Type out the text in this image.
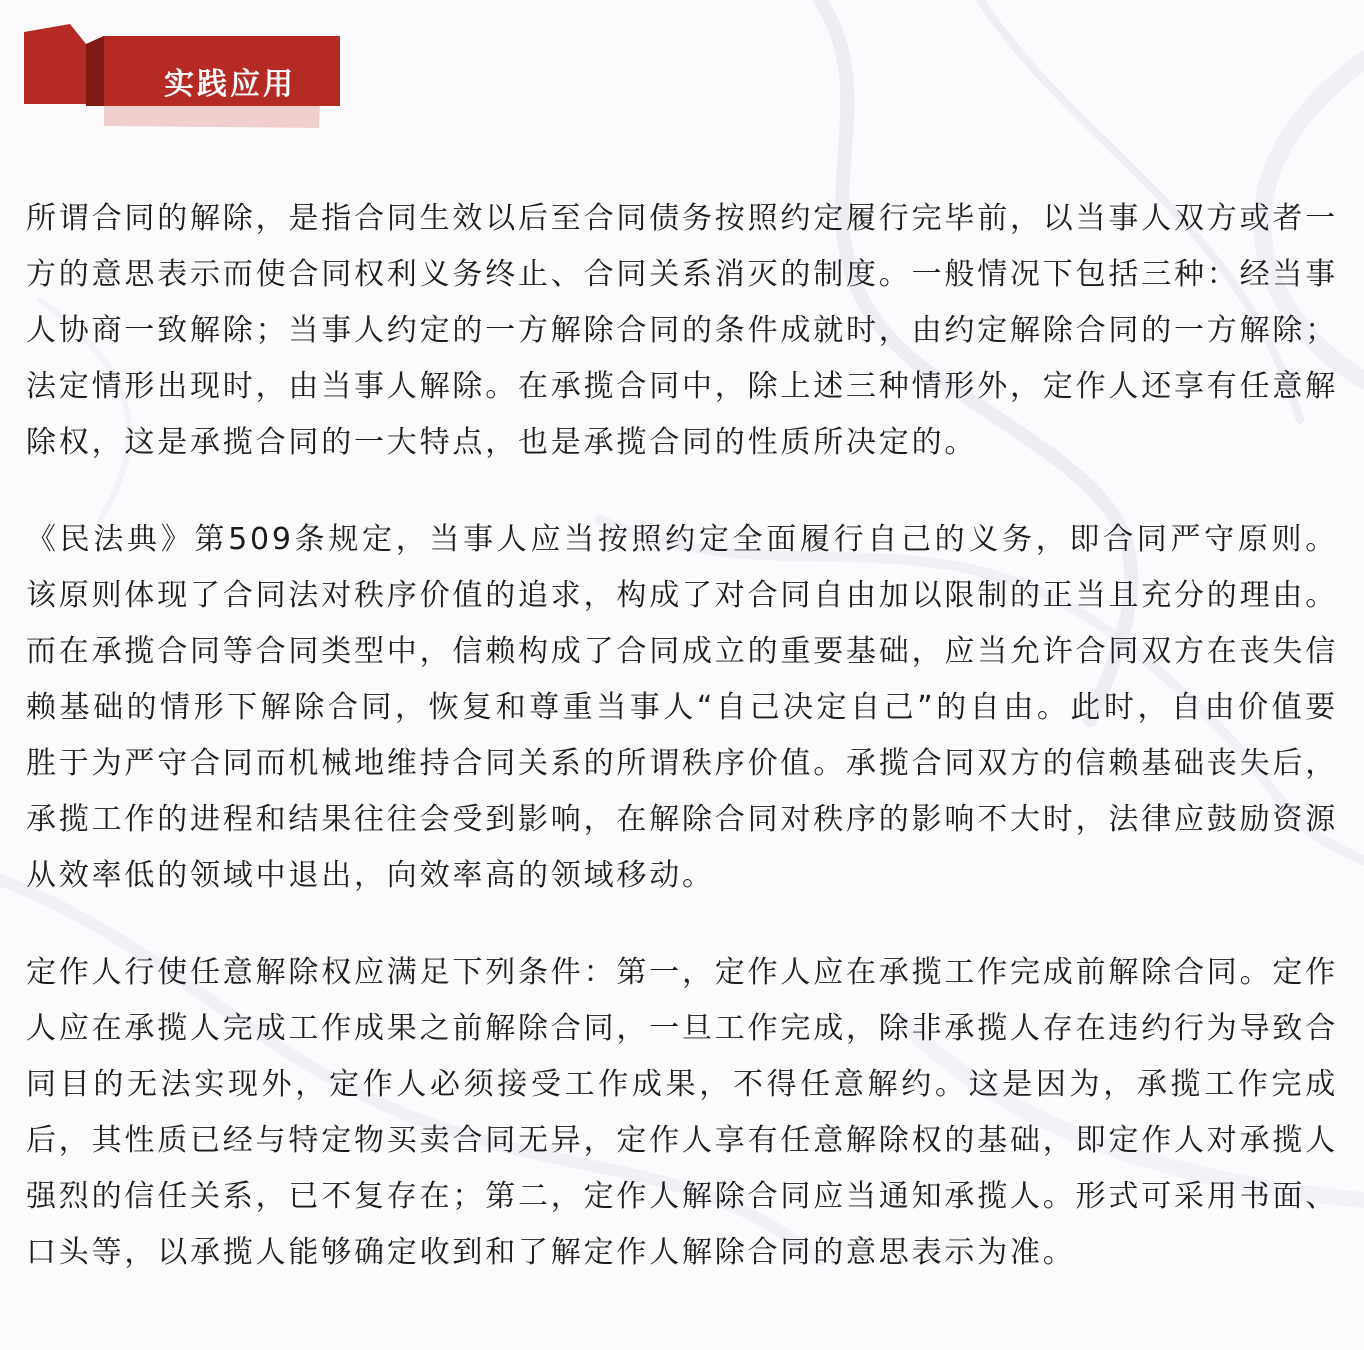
实践应用

所谓合同的解除，是指合同生效以后至合同债务按照约定履行完毕前，以当事人双方或者一方的意思表示而使合同权利义务终止、合同关系消灭的制度。一般情况下包括三种：经当事人协商一致解除；当事人约定的一方解除合同的条件成就时，由约定解除合同的一方解除；法定情形出现时，由当事人解除。在承揽合同中，除上述三种情形外，定作人还享有任意解除权，这是承揽合同的一大特点，也是承揽合同的性质所决定的。

《民法典》第509条规定，当事人应当按照约定全面履行自己的义务，即合同严守原则。该原则体现了合同法对秩序价值的追求，构成了对合同自由加以限制的正当且充分的理由。而在承揽合同等合同类型中，信赖构成了合同成立的重要基础，应当允许合同双方在丧失信赖基础的情形下解除合同，恢复和尊重当事人“自己决定自己”的自由。此时，自由价值要胜于为严守合同而机械地维持合同关系的所谓秩序价值。承揽合同双方的信赖基础丧失后，承揽工作的进程和结果往往会受到影响，在解除合同对秩序的影响不大时，法律应鼓励资源从效率低的领域中退出，向效率高的领域移动。

定作人行使任意解除权应满足下列条件：第一，定作人应在承揽工作完成前解除合同。定作人应在承揽人完成工作成果之前解除合同，一旦工作完成，除非承揽人存在违约行为导致合同目的无法实现外，定作人必须接受工作成果，不得任意解约。这是因为，承揽工作完成后，其性质已经与特定物买卖合同无异，定作人享有任意解除权的基础，即定作人对承揽人强烈的信任关系，已不复存在；第二，定作人解除合同应当通知承揽人。形式可采用书面、口头等，以承揽人能够确定收到和了解定作人解除合同的意思表示为准。
